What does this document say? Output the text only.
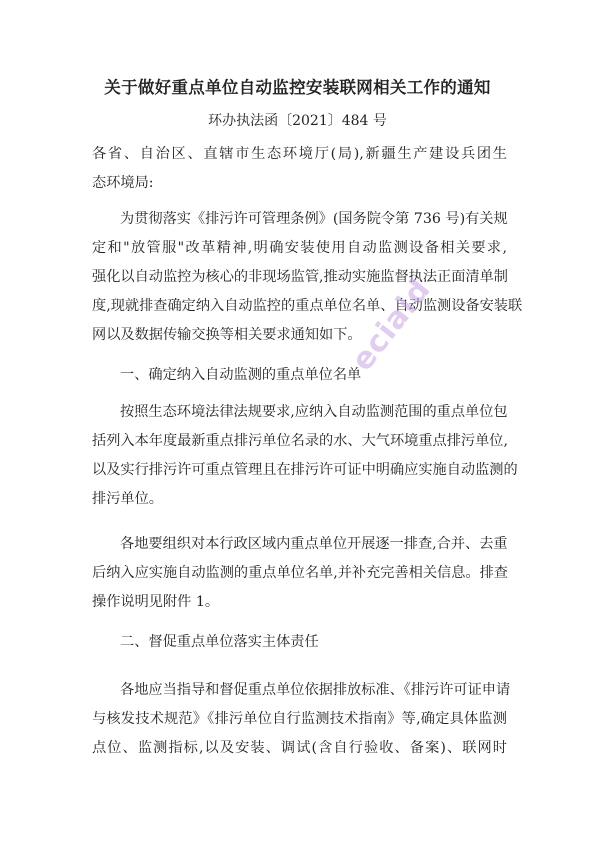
关于做好重点单位自动监控安装联网相关工作的通知
环办执法函〔2021〕484 号
各省、自治区、直辖市生态环境厅(局),新疆生产建设兵团生
态环境局:
为贯彻落实《排污许可管理条例》(国务院令第 736 号)有关规
定和"放管服"改革精神,明确安装使用自动监测设备相关要求,
强化以自动监控为核心的非现场监管,推动实施监督执法正面清单制
度,现就排查确定纳入自动监控的重点单位名单、自动监测设备安装联
网以及数据传输交换等相关要求通知如下。
一、确定纳入自动监测的重点单位名单
按照生态环境法律法规要求,应纳入自动监测范围的重点单位包
括列入本年度最新重点排污单位名录的水、大气环境重点排污单位,
以及实行排污许可重点管理且在排污许可证中明确应实施自动监测的
排污单位。
各地要组织对本行政区域内重点单位开展逐一排查,合并、去重
后纳入应实施自动监测的重点单位名单,并补充完善相关信息。排查
操作说明见附件 1。
二、督促重点单位落实主体责任
各地应当指导和督促重点单位依据排放标准、《排污许可证申请
与核发技术规范》《排污单位自行监测技术指南》等,确定具体监测
点位、监测指标,以及安装、调试(含自行验收、备案)、联网时
eciaid
